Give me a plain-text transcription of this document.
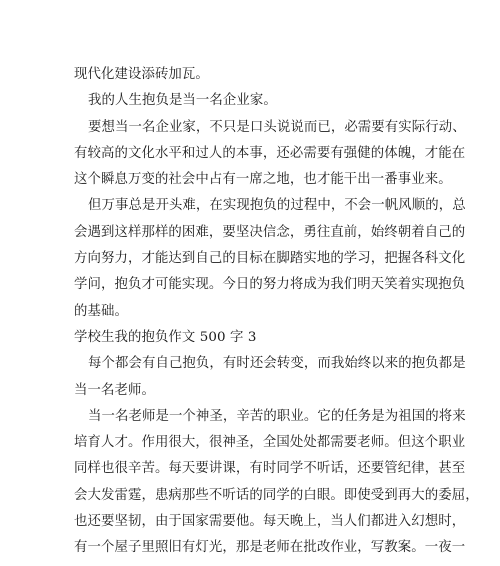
现代化建设添砖加瓦。
我的人生抱负是当一名企业家。
要想当一名企业家，不只是口头说说而已，必需要有实际行动、
有较高的文化水平和过人的本事，还必需要有强健的体魄，才能在
这个瞬息万变的社会中占有一席之地，也才能干出一番事业来。
但万事总是开头难，在实现抱负的过程中，不会一帆风顺的，总
会遇到这样那样的困难，要坚决信念，勇往直前，始终朝着自己的
方向努力，才能达到自己的目标在脚踏实地的学习，把握各科文化
学问，抱负才可能实现。今日的努力将成为我们明天笑着实现抱负
的基础。
学校生我的抱负作文 500 字 3
每个都会有自己抱负，有时还会转变，而我始终以来的抱负都是
当一名老师。
当一名老师是一个神圣，辛苦的职业。它的任务是为祖国的将来
培育人才。作用很大，很神圣，全国处处都需要老师。但这个职业
同样也很辛苦。每天要讲课，有时同学不听话，还要管纪律，甚至
会大发雷霆，患病那些不听话的同学的白眼。即使受到再大的委屈，
也还要坚韧，由于国家需要他。每天晚上，当人们都进入幻想时，
有一个屋子里照旧有灯光，那是老师在批改作业，写教案。一夜一
